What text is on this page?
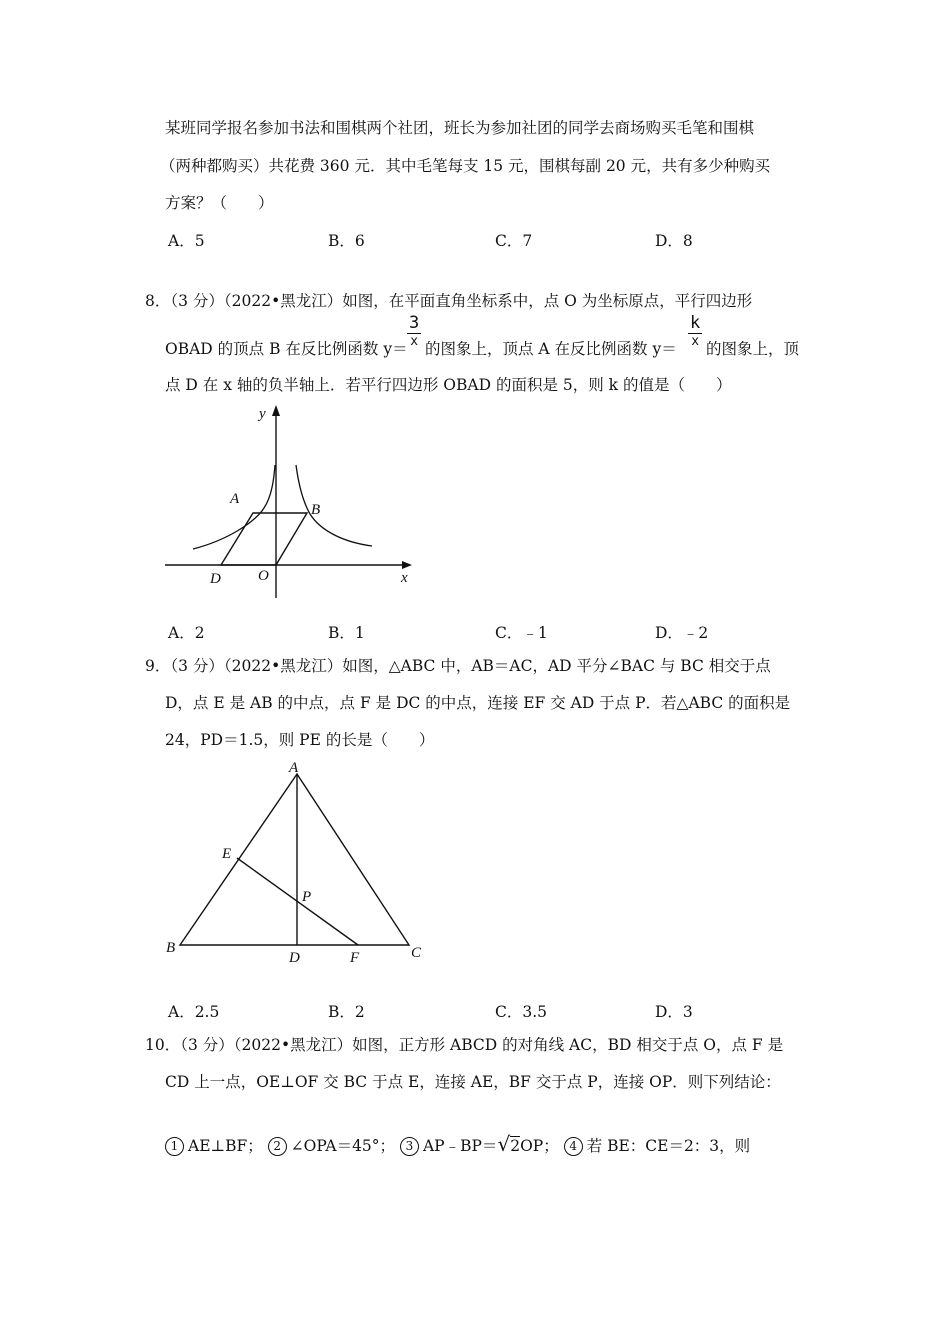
某班同学报名参加书法和围棋两个社团，班长为参加社团的同学去商场购买毛笔和围棋
（两种都购买）共花费 360 元．其中毛笔每支 15 元，围棋每副 20 元，共有多少种购买
方案？（　　）
A．5	B．6	C．7	D．8
8．（3 分）（2022•黑龙江）如图，在平面直角坐标系中，点 O 为坐标原点，平行四边形
OBAD 的顶点 B 在反比例函数 y＝
3
x 的图象上，顶点 A 在反比例函数 y＝
k
x 的图象上，顶
点 D 在 x 轴的负半轴上．若平行四边形 OBAD 的面积是 5，则 k 的值是（　　）
y
x
A
B
D O
A．2	B．1	C．﹣1	D．﹣2
9．（3 分）（2022•黑龙江）如图，△ABC 中，AB＝AC，AD 平分∠BAC 与 BC 相交于点
D，点 E 是 AB 的中点，点 F 是 DC 的中点，连接 EF 交 AD 于点 P．若△ABC 的面积是
24，PD＝1.5，则 PE 的长是（　　）
A
B	C
D
E
F
P
A．2.5	B．2	C．3.5	D．3
10．（3 分）（2022•黑龙江）如图，正方形 ABCD 的对角线 AC，BD 相交于点 O，点 F 是
CD 上一点，OE⊥OF 交 BC 于点 E，连接 AE，BF 交于点 P，连接 OP．则下列结论：
1 AE⊥BF； 2 ∠OPA＝45°； 3 AP﹣BP＝√2OP； 4 若 BE：CE＝2：3，则
